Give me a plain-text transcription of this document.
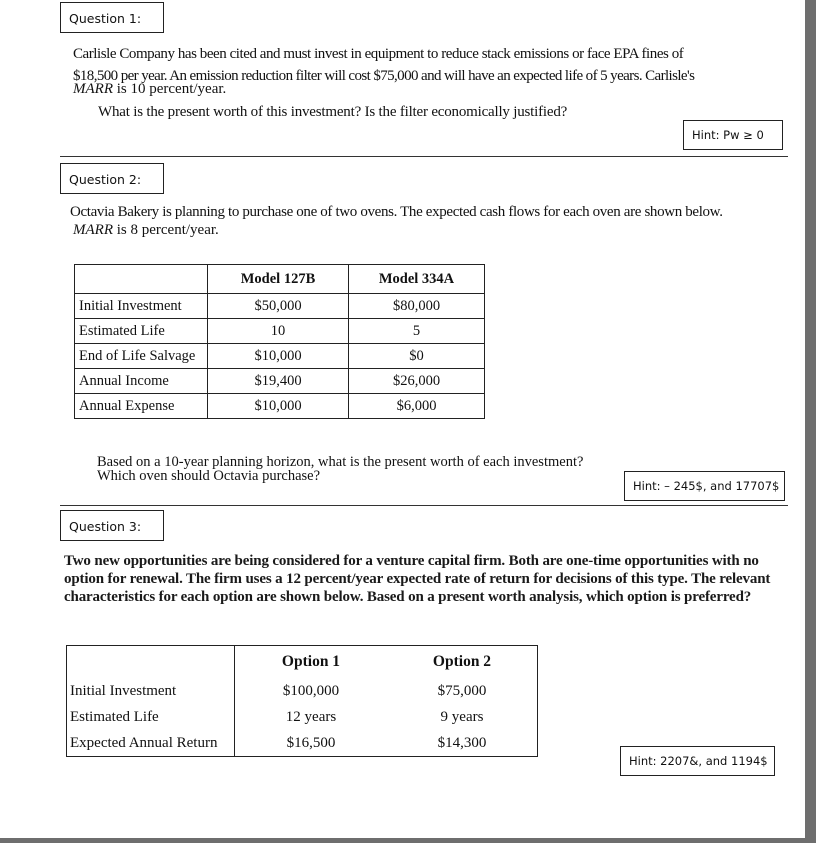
Question 1:
Carlisle Company has been cited and must invest in equipment to reduce stack emissions or face EPA fines of
$18,500 per year. An emission reduction filter will cost $75,000 and will have an expected life of 5 years. Carlisle's
MARR is 10 percent/year.
What is the present worth of this investment? Is the filter economically justified?
Hint: Pw ≥ 0
Question 2:
Octavia Bakery is planning to purchase one of two ovens. The expected cash flows for each oven are shown below.
MARR is 8 percent/year.
	Model 127B	Model 334A
Initial Investment	$50,000	$80,000
Estimated Life	10	5
End of Life Salvage	$10,000	$0
Annual Income	$19,400	$26,000
Annual Expense	$10,000	$6,000
Based on a 10-year planning horizon, what is the present worth of each investment?
Which oven should Octavia purchase?
Hint: – 245$, and 17707$
Question 3:
Two new opportunities are being considered for a venture capital firm. Both are one-time opportunities with no option for renewal. The firm uses a 12 percent/year expected rate of return for decisions of this type. The relevant characteristics for each option are shown below. Based on a present worth analysis, which option is preferred?
	Option 1	Option 2
Initial Investment	$100,000	$75,000
Estimated Life	12 years	9 years
Expected Annual Return	$16,500	$14,300
Hint: 2207&, and 1194$
